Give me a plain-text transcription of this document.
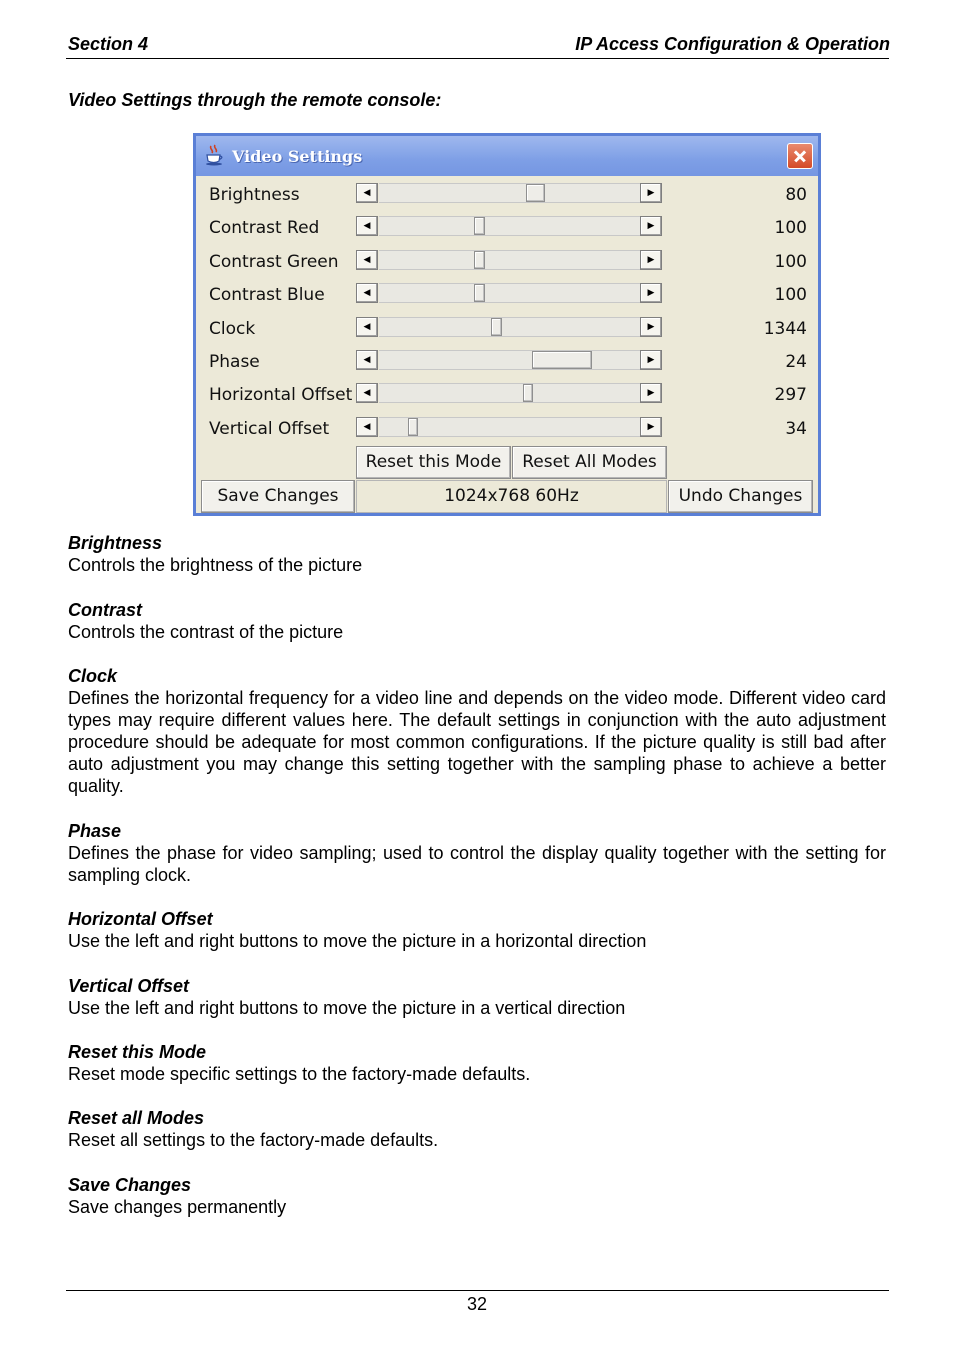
Section 4	IP Access Configuration & Operation
Video Settings through the remote console:
Video Settings
Brightness	◀	▶	80
Contrast Red	◀	▶	100
Contrast Green	◀	▶	100
Contrast Blue	◀	▶	100
Clock	◀	▶	1344
Phase	◀	▶	24
Horizontal Offset	◀	▶	297
Vertical Offset	◀	▶	34
Reset this Mode	Reset All Modes
Save Changes	1024x768 60Hz	Undo Changes
Brightness

Controls the brightness of the picture

Contrast

Controls the contrast of the picture

Clock

Defines the horizontal frequency for a video line and depends on the video mode. Different video card types may require different values here. The default settings in conjunction with the auto adjustment procedure should be adequate for most common configurations. If the picture quality is still bad after auto adjustment you may change this setting together with the sampling phase to achieve a better quality.

Phase

Defines the phase for video sampling; used to control the display quality together with the setting for sampling clock.

Horizontal Offset

Use the left and right buttons to move the picture in a horizontal direction

Vertical Offset

Use the left and right buttons to move the picture in a vertical direction

Reset this Mode

Reset mode specific settings to the factory-made defaults.

Reset all Modes

Reset all settings to the factory-made defaults.

Save Changes

Save changes permanently

32
